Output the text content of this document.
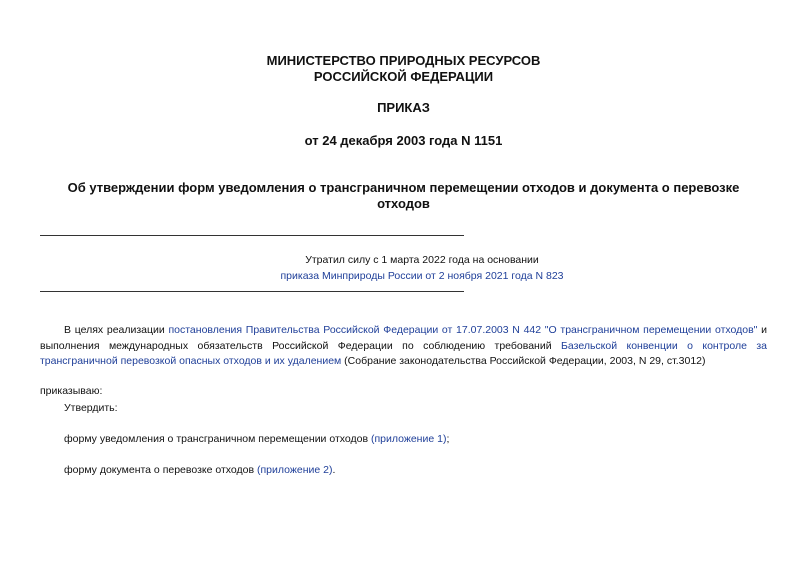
МИНИСТЕРСТВО ПРИРОДНЫХ РЕСУРСОВ
РОССИЙСКОЙ ФЕДЕРАЦИИ
ПРИКАЗ
от 24 декабря 2003 года N 1151
Об утверждении форм уведомления о трансграничном перемещении отходов и документа о перевозке отходов
Утратил силу с 1 марта 2022 года на основании
приказа Минприроды России от 2 ноября 2021 года N 823
В целях реализации постановления Правительства Российской Федерации от 17.07.2003 N 442 "О трансграничном перемещении отходов" и выполнения международных обязательств Российской Федерации по соблюдению требований Базельской конвенции о контроле за трансграничной перевозкой опасных отходов и их удалением (Собрание законодательства Российской Федерации, 2003, N 29, ст.3012)
приказываю:
Утвердить:
форму уведомления о трансграничном перемещении отходов (приложение 1);
форму документа о перевозке отходов (приложение 2).
